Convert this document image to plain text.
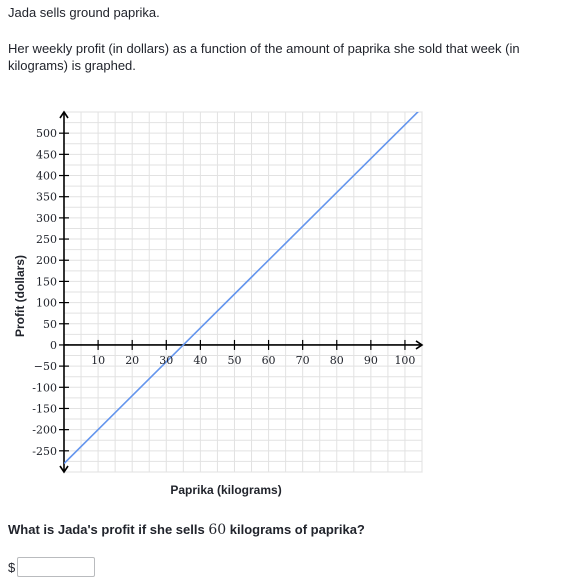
Jada sells ground paprika.
Her weekly profit (in dollars) as a function of the amount of paprika she sold that week (in kilograms) is graphed.
10 20 30 40 50 60 70 80 90 100
500
450
400
350
300
250
200
150
100
50
0
−50
-100
-150
-200
-250
Paprika (kilograms)
Profit (dollars)
What is Jada's profit if she sells 60 kilograms of paprika?
$
